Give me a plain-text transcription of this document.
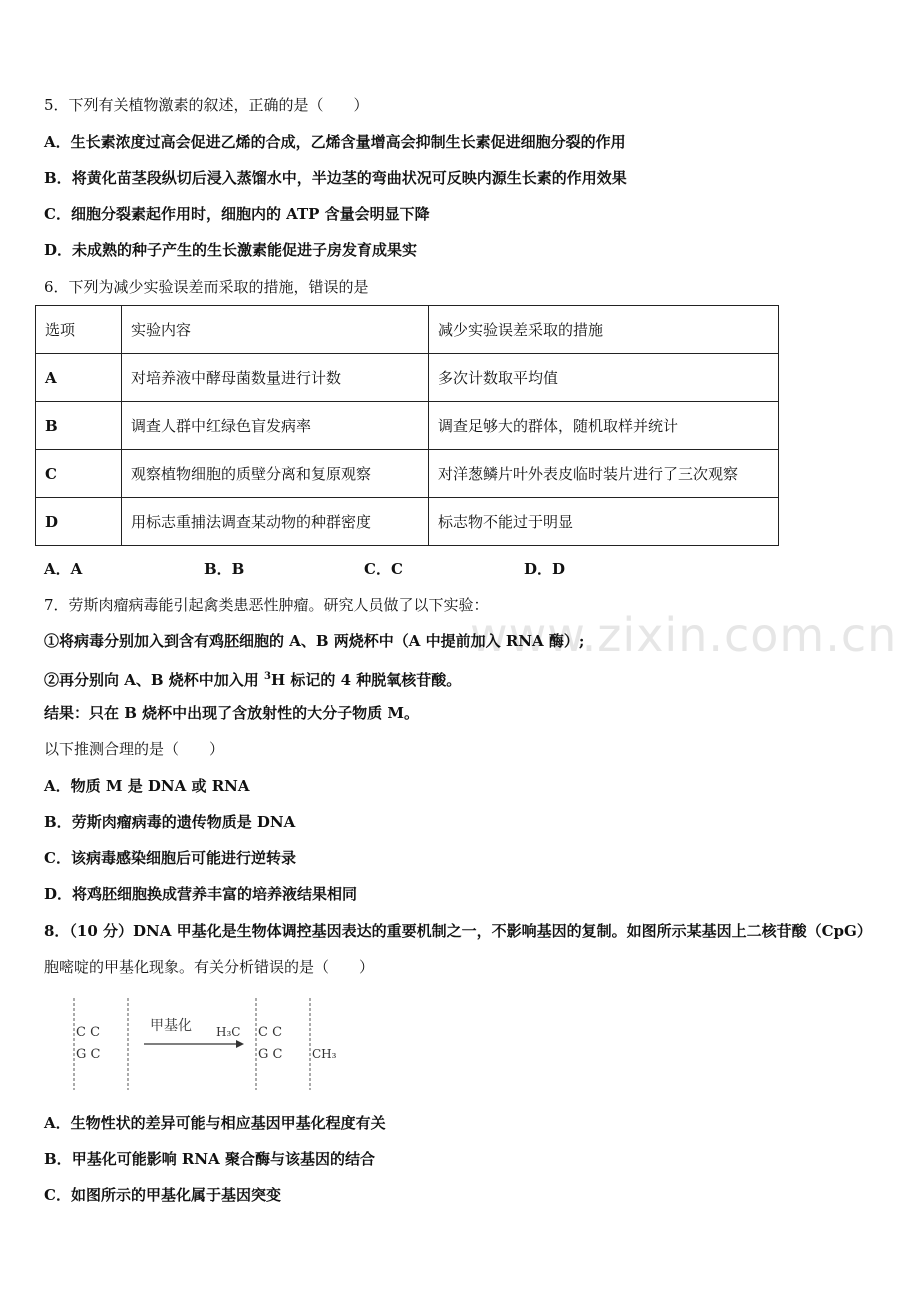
www.zixin.com.cn
5．下列有关植物激素的叙述，正确的是（　　）
A．生长素浓度过高会促进乙烯的合成，乙烯含量增高会抑制生长素促进细胞分裂的作用
B．将黄化苗茎段纵切后浸入蒸馏水中，半边茎的弯曲状况可反映内源生长素的作用效果
C．细胞分裂素起作用时，细胞内的 ATP 含量会明显下降
D．未成熟的种子产生的生长激素能促进子房发育成果实
6．下列为减少实验误差而采取的措施，错误的是
选项	实验内容	减少实验误差采取的措施
A	对培养液中酵母菌数量进行计数	多次计数取平均值
B	调查人群中红绿色盲发病率	调查足够大的群体，随机取样并统计
C	观察植物细胞的质壁分离和复原观察	对洋葱鳞片叶外表皮临时装片进行了三次观察
D	用标志重捕法调查某动物的种群密度	标志物不能过于明显
A．A	B．B	C．C	D．D
7．劳斯肉瘤病毒能引起禽类患恶性肿瘤。研究人员做了以下实验：
①将病毒分别加入到含有鸡胚细胞的 A、B 两烧杯中（A 中提前加入 RNA 酶）;
②再分别向 A、B 烧杯中加入用 $^3$H 标记的 4 种脱氧核苷酸。
结果：只在 B 烧杯中出现了含放射性的大分子物质 M。
以下推测合理的是（　　）
A．物质 M 是 DNA 或 RNA
B．劳斯肉瘤病毒的遗传物质是 DNA
C．该病毒感染细胞后可能进行逆转录
D．将鸡胚细胞换成营养丰富的培养液结果相同
8．（10 分）DNA 甲基化是生物体调控基因表达的重要机制之一，不影响基因的复制。如图所示某基因上二核苷酸（CpG）
胞嘧啶的甲基化现象。有关分析错误的是（　　）
C C
G C
甲基化 H₃C C C
G C CH₃
A．生物性状的差异可能与相应基因甲基化程度有关
B．甲基化可能影响 RNA 聚合酶与该基因的结合
C．如图所示的甲基化属于基因突变
